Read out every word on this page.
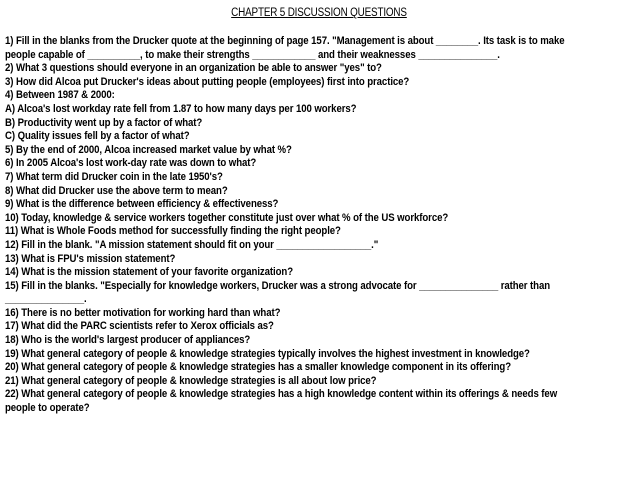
CHAPTER 5 DISCUSSION QUESTIONS
1) Fill in the blanks from the Drucker quote at the beginning of page 157. "Management is about ________. Its task is to make
people capable of __________, to make their strengths ____________ and their weaknesses _______________.
2) What 3 questions should everyone in an organization be able to answer "yes" to?
3) How did Alcoa put Drucker's ideas about putting people (employees) first into practice?
4) Between 1987 & 2000:
A) Alcoa's lost workday rate fell from 1.87 to how many days per 100 workers?
B) Productivity went up by a factor of what?
C) Quality issues fell by a factor of what?
5) By the end of 2000, Alcoa increased market value by what %?
6) In 2005 Alcoa's lost work-day rate was down to what?
7) What term did Drucker coin in the late 1950's?
8) What did Drucker use the above term to mean?
9) What is the difference between efficiency & effectiveness?
10) Today, knowledge & service workers together constitute just over what % of the US workforce?
11) What is Whole Foods method for successfully finding the right people?
12) Fill in the blank. "A mission statement should fit on your __________________."
13) What is FPU's mission statement?
14) What is the mission statement of your favorite organization?
15) Fill in the blanks. "Especially for knowledge workers, Drucker was a strong advocate for _______________ rather than
_______________.
16) There is no better motivation for working hard than what?
17) What did the PARC scientists refer to Xerox officials as?
18) Who is the world's largest producer of appliances?
19) What general category of people & knowledge strategies typically involves the highest investment in knowledge?
20) What general category of people & knowledge strategies has a smaller knowledge component in its offering?
21) What general category of people & knowledge strategies is all about low price?
22) What general category of people & knowledge strategies has a high knowledge content within its offerings & needs few
people to operate?
